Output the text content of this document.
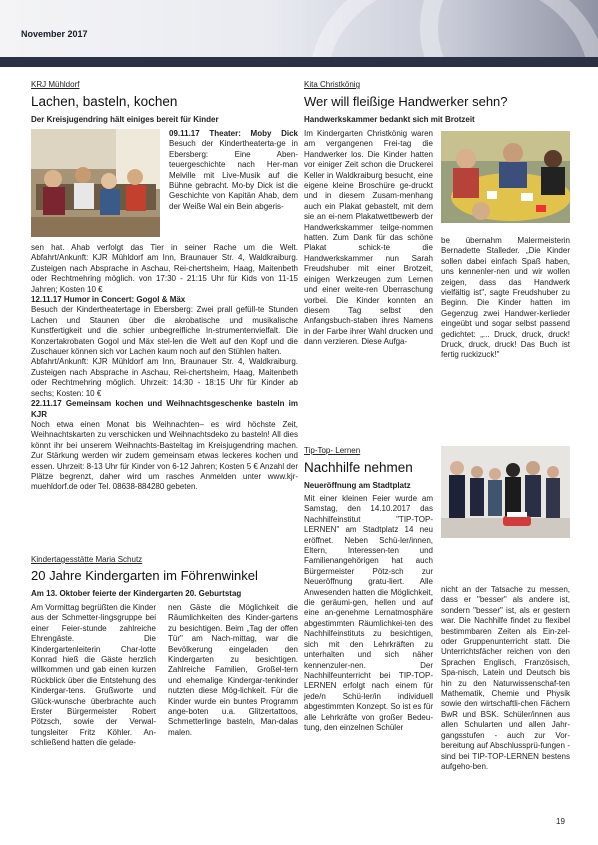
November 2017
KRJ Mühldorf
Lachen, basteln, kochen
Der Kreisjugendring hält einiges bereit für Kinder

09.11.17 Theater: Moby Dick Besuch der Kindertheaterta-ge in Ebersberg: Eine Aben-teuergeschichte nach Her-man Melville mit Live-Musik auf die Bühne gebracht. Mo-by Dick ist die Geschichte von Kapitän Ahab, dem der Weiße Wal ein Bein abgeris-

sen hat. Ahab verfolgt das Tier in seiner Rache um die Welt. Abfahrt/Ankunft: KJR Mühldorf am Inn, Braunauer Str. 4, Waldkraiburg. Zusteigen nach Absprache in Aschau, Rei-chertsheim, Haag, Maitenbeth oder Rechtmehring möglich. von 17:30 - 21:15 Uhr für Kids von 11-15 Jahren; Kosten 10 €

12.11.17 Humor in Concert: Gogol & Mäx

Besuch der Kindertheatertage in Ebersberg: Zwei prall gefüll-te Stunden Lachen und Staunen über die akrobatische und musikalische Kunstfertigkeit und die schier unbegreifliche In-strumentenvielfalt. Die Konzertakrobaten Gogol und Mäx stel-len die Welt auf den Kopf und die Zuschauer können sich vor Lachen kaum noch auf den Stühlen halten.

Abfahrt/Ankunft: KJR Mühldorf am Inn, Braunauer Str. 4, Waldkraiburg. Zusteigen nach Absprache in Aschau, Rei-chertsheim, Haag, Maitenbeth oder Rechtmehring möglich. Uhrzeit: 14:30 - 18:15 Uhr für Kinder ab sechs; Kosten: 10 €

22.11.17 Gemeinsam kochen und Weihnachtsgeschenke basteln im KJR

Noch etwa einen Monat bis Weihnachten– es wird höchste Zeit, Weihnachtskarten zu verschicken und Weihnachtsdeko zu basteln! All dies könnt ihr bei unserem Weihnachts-Basteltag im Kreisjugendring machen. Zur Stärkung werden wir zudem gemeinsam etwas leckeres kochen und essen. Uhrzeit: 8-13 Uhr für Kinder von 6-12 Jahren; Kosten 5 € Anzahl der Plätze begrenzt, daher wird um rasches Anmelden unter www.kjr-muehldorf.de oder Tel. 08638-884280 gebeten.

Kindertagesstätte Maria Schutz
20 Jahre Kindergarten im Föhrenwinkel
Am 13. Oktober feierte der Kindergarten 20. Geburtstag
Am Vormittag begrüßten die Kinder aus der Schmetter-lingsgruppe bei einer Feier-stunde zahlreiche Ehrengäste. Die Kindergartenleiterin Char-lotte Konrad hieß die Gäste herzlich willkommen und gab einen kurzen Rückblick über die Entstehung des Kindergar-tens. Grußworte und Glück-wunsche überbrachte auch Erster Bürgermeister Robert Pötzsch, sowie der Verwal-tungsleiter Fritz Köhler. An-schließend hatten die gelade-
nen Gäste die Möglichkeit die Räumlichkeiten des Kinder-gartens zu besichtigen. Beim „Tag der offen Tür" am Nach-mittag, war die Bevölkerung eingeladen den Kindergarten zu besichtigen. Zahlreiche Familien, Großel-tern und ehemalige Kindergar-tenkinder nutzten diese Mög-lichkeit. Für die Kinder wurde ein buntes Programm ange-boten u.a. Glitzertattoos, Schmetterlinge basteln, Man-dalas malen.
Kita Christkönig
Wer will fleißige Handwerker sehn?
Handwerkskammer bedankt sich mit Brotzeit
Im Kindergarten Christkönig waren am vergangenen Frei-tag die Handwerker los. Die Kinder hatten vor einiger Zeit schon die Druckerei Keller in Waldkraiburg besucht, eine eigene kleine Broschüre ge-druckt und in diesem Zusam-menhang auch ein Plakat gebastelt, mit dem sie an ei-nem Plakatwettbewerb der Handwerkskammer teilge-nommen hatten. Zum Dank für das schöne Plakat schick-te die Handwerkskammer nun Sarah Freudshuber mit einer Brotzeit, einigen Werkzeugen zum Lernen und einer weite-ren Überraschung vorbei. Die Kinder konnten an diesem Tag selbst den Anfangsbuch-staben ihres Namens in der Farbe ihrer Wahl drucken und dann verzieren. Diese Aufga-
be übernahm Malermeisterin Bernadette Stalleder. „Die Kinder sollen dabei einfach Spaß haben, uns kennenler-nen und wir wollen zeigen, dass das Handwerk vielfältig ist", sagte Freudshuber zu Beginn. Die Kinder hatten im Gegenzug zwei Handwer-kerlieder eingeübt und sogar selbst passend gedichtet: „... Druck, druck, druck! Druck, druck, druck! Das Buch ist fertig ruckizuck!"
Tip-Top- Lernen
Nachhilfe nehmen
Neueröffnung am Stadtplatz
Mit einer kleinen Feier wurde am Samstag, den 14.10.2017 das Nachhilfeinstitut "TIP-TOP-LERNEN" am Stadtplatz 14 neu eröffnet. Neben Schü-ler/innen, Eltern, Interessen-ten und Familienangehörigen hat auch Bürgermeister Pötz-sch zur Neueröffnung gratu-liert. Alle Anwesenden hatten die Möglichkeit, die geräumi-gen, hellen und auf eine an-genehme Lernatmosphäre abgestimmten Räumlichkei-ten des Nachhilfeinstituts zu besichtigen, sich mit den Lehrkräften zu unterhalten und sich näher kennenzuler-nen. Der Nachhilfeunterricht bei TIP-TOP-LERNEN erfolgt nach einem für jede/n Schü-ler/in individuell abgestimmten Konzept. So ist es für alle Lehrkräfte von großer Bedeu-tung, den einzelnen Schüler
nicht an der Tatsache zu messen, dass er "besser" als andere ist, sondern "besser" ist, als er gestern war. Die Nachhilfe findet zu flexibel bestimmbaren Zeiten als Ein-zel- oder Gruppenunterricht statt. Die Unterrichtsfächer reichen von den Sprachen Englisch, Französisch, Spa-nisch, Latein und Deutsch bis hin zu den Naturwissenschaf-ten Mathematik, Chemie und Physik sowie den wirtschaftli-chen Fächern BwR und BSK. Schüler/innen aus allen Schularten und allen Jahr-gangsstufen - auch zur Vor-bereitung auf Abschlussprü-fungen - sind bei TIP-TOP-LERNEN bestens aufgeho-ben.
19
